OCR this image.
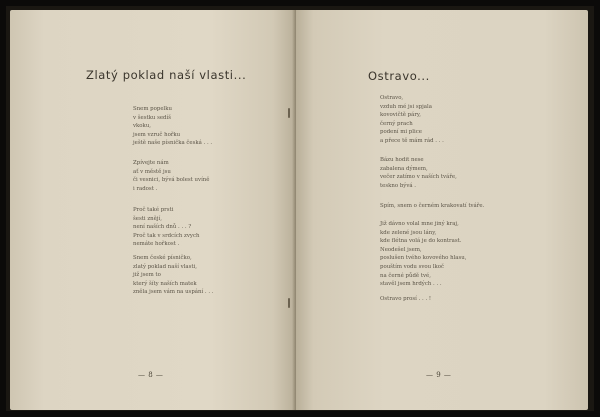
Zlatý poklad naší vlasti...
Snem popelku
v šestku sedíš
vkoku,
jsem vzruč hořku
ještě naše písnička česká . . .
Zpívejte nám
ať v městě jsu
či vesnici, bývá bolest uvíně
i radost .
Proč také prsti
šesti znějí,
není naších dnů . . . ?
Proč tak v srdcích zvych
nemáte hořkost .
Snem české písničko,
zlatý poklad naší vlasti,
již jsem to
který šíty naších matek
zněla jsem vám na uspání . . .
— 8 —
Ostravo...
Ostravo,
vzduh mé jsi spjala
kovovičtě páry,
černý prach
podení mi plice
a přece tě mám rád . . .
Bázu hodit nese
zabalena dýmem,
večer zatímo v naších tváře,
teskno bývá .
Spím, snem o černém krakovatí tváře.
Již dávno volal mne jiný kraj,
kde zelené jsou lány,
kde flétna volá je do kontrast.
Neodešel jsem,
poslušen tvého kovového hlasu,
pouštím vodu svou lkoč
na černé půdě tvé,
stavěl jsem hrdých . . .
Ostravo prosí . . . !
— 9 —
